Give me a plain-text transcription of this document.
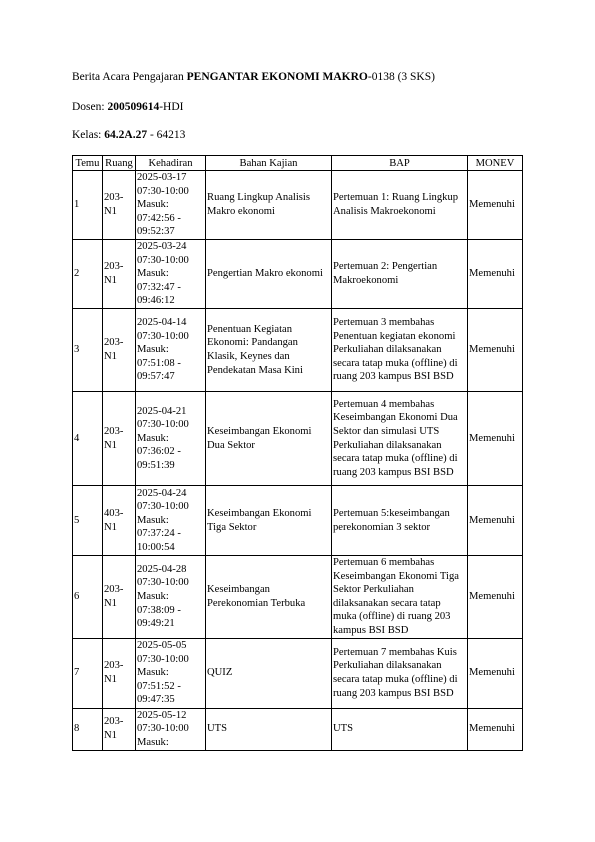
Berita Acara Pengajaran PENGANTAR EKONOMI MAKRO-0138 (3 SKS)
Dosen: 200509614-HDI
Kelas: 64.2A.27 - 64213
Temu	Ruang	Kehadiran	Bahan Kajian	BAP	MONEV
1	203-
N1	2025-03-17
07:30-10:00
Masuk:
07:42:56 -
09:52:37	Ruang Lingkup Analisis Makro ekonomi	Pertemuan 1: Ruang Lingkup Analisis Makroekonomi	Memenuhi
2	203-
N1	2025-03-24
07:30-10:00
Masuk:
07:32:47 -
09:46:12	Pengertian Makro ekonomi	Pertemuan 2: Pengertian Makroekonomi	Memenuhi
3	203-
N1	2025-04-14
07:30-10:00
Masuk:
07:51:08 -
09:57:47	Penentuan Kegiatan Ekonomi: Pandangan Klasik, Keynes dan Pendekatan Masa Kini	Pertemuan 3 membahas Penentuan kegiatan ekonomi Perkuliahan dilaksanakan secara tatap muka (offline) di ruang 203 kampus BSI BSD	Memenuhi
4	203-
N1	2025-04-21
07:30-10:00
Masuk:
07:36:02 -
09:51:39	Keseimbangan Ekonomi Dua Sektor	Pertemuan 4 membahas Keseimbangan Ekonomi Dua Sektor dan simulasi UTS Perkuliahan dilaksanakan secara tatap muka (offline) di ruang 203 kampus BSI BSD	Memenuhi
5	403-
N1	2025-04-24
07:30-10:00
Masuk:
07:37:24 -
10:00:54	Keseimbangan Ekonomi Tiga Sektor	Pertemuan 5:keseimbangan perekonomian 3 sektor	Memenuhi
6	203-
N1	2025-04-28
07:30-10:00
Masuk:
07:38:09 -
09:49:21	Keseimbangan Perekonomian Terbuka	Pertemuan 6 membahas Keseimbangan Ekonomi Tiga Sektor Perkuliahan dilaksanakan secara tatap muka (offline) di ruang 203 kampus BSI BSD	Memenuhi
7	203-
N1	2025-05-05
07:30-10:00
Masuk:
07:51:52 -
09:47:35	QUIZ	Pertemuan 7 membahas Kuis Perkuliahan dilaksanakan secara tatap muka (offline) di ruang 203 kampus BSI BSD	Memenuhi
8	203-
N1	2025-05-12
07:30-10:00
Masuk:	UTS	UTS	Memenuhi
